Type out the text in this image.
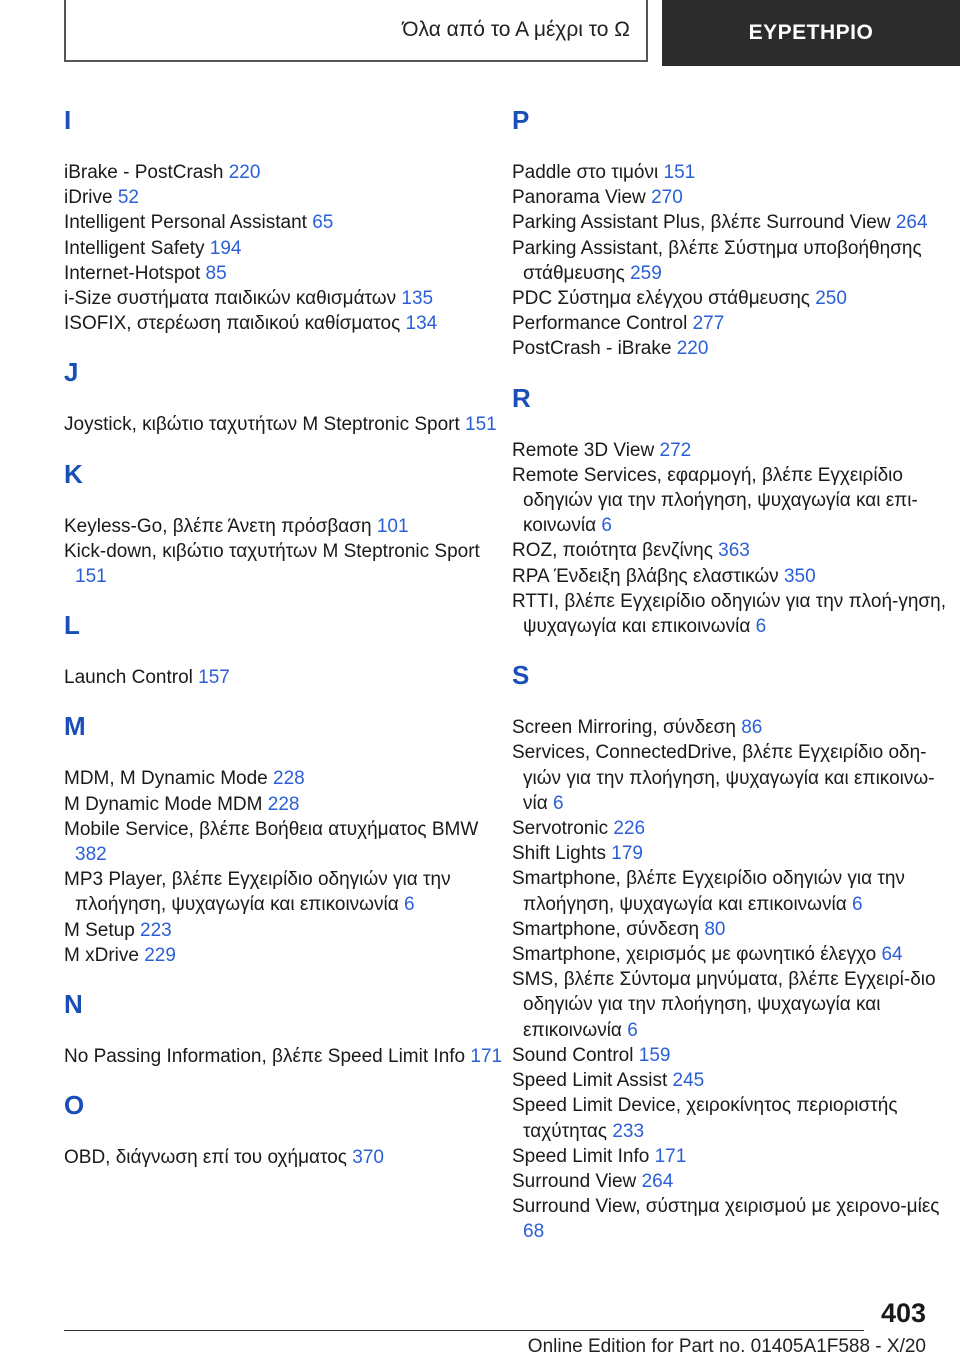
Όλα από το Α μέχρι το Ω	ΕΥΡΕΤΗΡΙΟ
I
iBrake - PostCrash 220
iDrive 52
Intelligent Personal Assistant 65
Intelligent Safety 194
Internet-Hotspot 85
i-Size συστήματα παιδικών καθισμάτων 135
ISOFIX, στερέωση παιδικού καθίσματος 134
J
Joystick, κιβώτιο ταχυτήτων M Steptronic Sport 151
K
Keyless-Go, βλέπε Άνετη πρόσβαση 101
Kick-down, κιβώτιο ταχυτήτων M Steptronic Sport 151
L
Launch Control 157
M
MDM, M Dynamic Mode 228
M Dynamic Mode MDM 228
Mobile Service, βλέπε Βοήθεια ατυχήματος BMW 382
MP3 Player, βλέπε Εγχειρίδιο οδηγιών για την πλοήγηση, ψυχαγωγία και επικοινωνία 6
M Setup 223
M xDrive 229
N
No Passing Information, βλέπε Speed Limit Info 171
O
OBD, διάγνωση επί του οχήματος 370
P
Paddle στο τιμόνι 151
Panorama View 270
Parking Assistant Plus, βλέπε Surround View 264
Parking Assistant, βλέπε Σύστημα υποβοήθησης στάθμευσης 259
PDC Σύστημα ελέγχου στάθμευσης 250
Performance Control 277
PostCrash - iBrake 220
R
Remote 3D View 272
Remote Services, εφαρμογή, βλέπε Εγχειρίδιο οδηγιών για την πλοήγηση, ψυχαγωγία και επι-κοινωνία 6
ROZ, ποιότητα βενζίνης 363
RPA Ένδειξη βλάβης ελαστικών 350
RTTI, βλέπε Εγχειρίδιο οδηγιών για την πλοή-γηση, ψυχαγωγία και επικοινωνία 6
S
Screen Mirroring, σύνδεση 86
Services, ConnectedDrive, βλέπε Εγχειρίδιο οδη-γιών για την πλοήγηση, ψυχαγωγία και επικοινω-νία 6
Servotronic 226
Shift Lights 179
Smartphone, βλέπε Εγχειρίδιο οδηγιών για την πλοήγηση, ψυχαγωγία και επικοινωνία 6
Smartphone, σύνδεση 80
Smartphone, χειρισμός με φωνητικό έλεγχο 64
SMS, βλέπε Σύντομα μηνύματα, βλέπε Εγχειρί-διο οδηγιών για την πλοήγηση, ψυχαγωγία και επικοινωνία 6
Sound Control 159
Speed Limit Assist 245
Speed Limit Device, χειροκίνητος περιοριστής ταχύτητας 233
Speed Limit Info 171
Surround View 264
Surround View, σύστημα χειρισμού με χειρονο-μίες 68
403
Online Edition for Part no. 01405A1F588 - X/20
